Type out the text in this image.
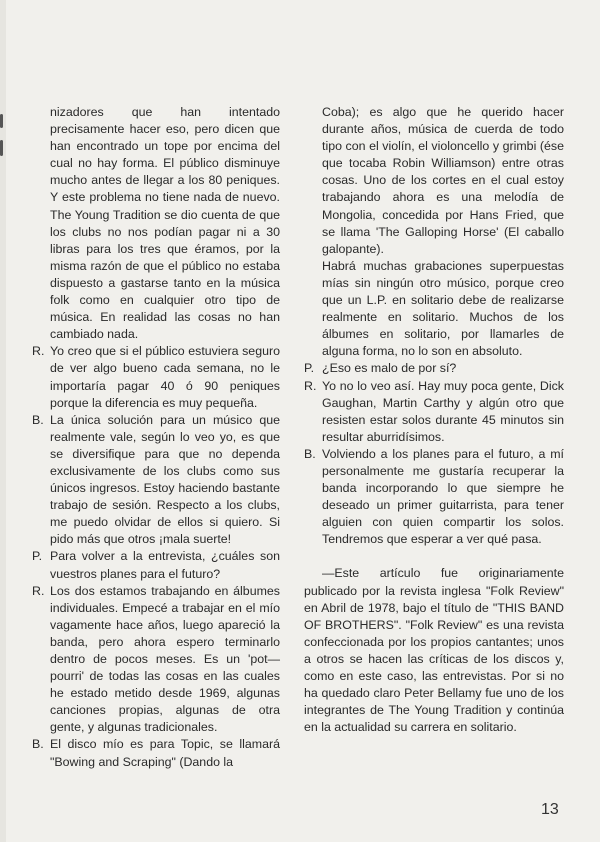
nizadores que han intentado precisamente hacer eso, pero dicen que han encontrado un tope por encima del cual no hay forma. El público disminuye mucho antes de llegar a los 80 peniques. Y este problema no tiene nada de nuevo. The Young Tradition se dio cuenta de que los clubs no nos podían pagar ni a 30 libras para los tres que éramos, por la misma razón de que el público no estaba dispuesto a gastarse tanto en la música folk como en cualquier otro tipo de música. En realidad las cosas no han cambiado nada.

R. Yo creo que si el público estuviera seguro de ver algo bueno cada semana, no le importaría pagar 40 ó 90 peniques porque la diferencia es muy pequeña.
B. La única solución para un músico que realmente vale, según lo veo yo, es que se diversifique para que no dependa exclusivamente de los clubs como sus únicos ingresos. Estoy haciendo bastante trabajo de sesión. Respecto a los clubs, me puedo olvidar de ellos si quiero. Si pido más que otros ¡mala suerte!
P. Para volver a la entrevista, ¿cuáles son vuestros planes para el futuro?
R. Los dos estamos trabajando en álbumes individuales. Empecé a trabajar en el mío vagamente hace años, luego apareció la banda, pero ahora espero terminarlo dentro de pocos meses. Es un 'pot—pourri' de todas las cosas en las cuales he estado metido desde 1969, algunas canciones propias, algunas de otra gente, y algunas tradicionales.
B. El disco mío es para Topic, se llamará "Bowing and Scraping" (Dando la

Coba); es algo que he querido hacer durante años, música de cuerda de todo tipo con el violín, el violoncello y grimbi (ése que tocaba Robin Williamson) entre otras cosas. Uno de los cortes en el cual estoy trabajando ahora es una melodía de Mongolia, concedida por Hans Fried, que se llama 'The Galloping Horse' (El caballo galopante).

Habrá muchas grabaciones superpuestas mías sin ningún otro músico, porque creo que un L.P. en solitario debe de realizarse realmente en solitario. Muchos de los álbumes en solitario, por llamarles de alguna forma, no lo son en absoluto.

P. ¿Eso es malo de por sí?
R. Yo no lo veo así. Hay muy poca gente, Dick Gaughan, Martin Carthy y algún otro que resisten estar solos durante 45 minutos sin resultar aburridísimos.
B. Volviendo a los planes para el futuro, a mí personalmente me gustaría recuperar la banda incorporando lo que siempre he deseado un primer guitarrista, para tener alguien con quien compartir los solos. Tendremos que esperar a ver qué pasa.

—Este artículo fue originariamente publicado por la revista inglesa "Folk Review" en Abril de 1978, bajo el título de "THIS BAND OF BROTHERS". "Folk Review" es una revista confeccionada por los propios cantantes; unos a otros se hacen las críticas de los discos y, como en este caso, las entrevistas. Por si no ha quedado claro Peter Bellamy fue uno de los integrantes de The Young Tradition y continúa en la actualidad su carrera en solitario.

13
